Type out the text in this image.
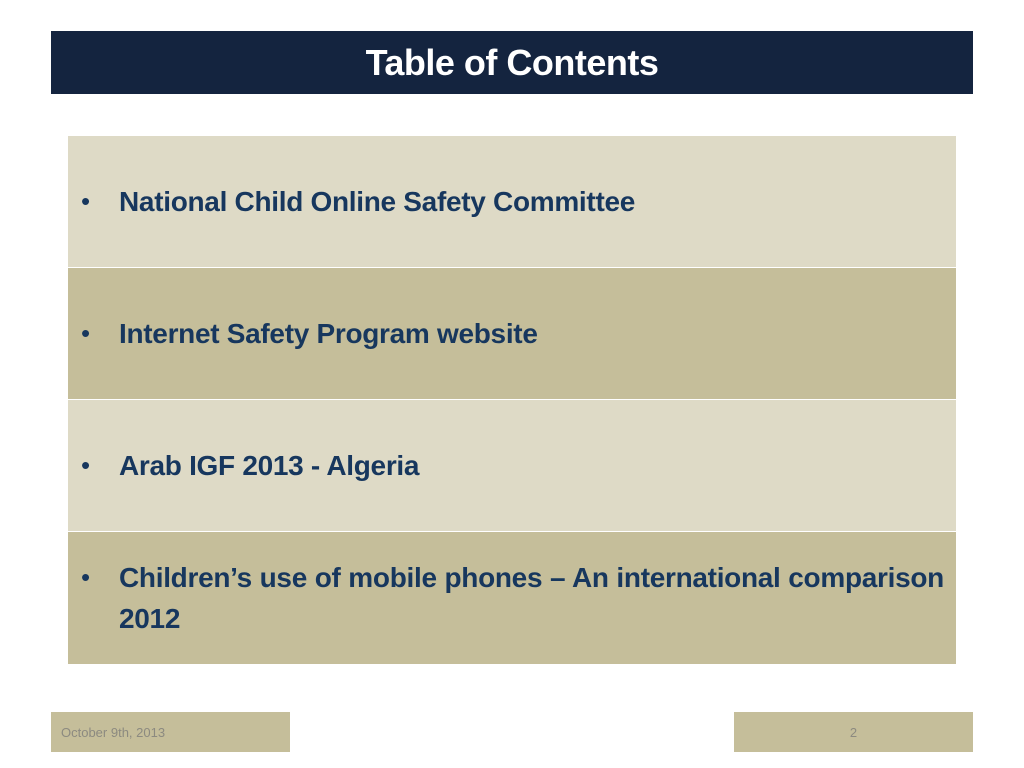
Table of Contents
•	National Child Online Safety Committee
•	Internet Safety Program website
•	Arab IGF 2013 - Algeria
•	Children’s use of mobile phones – An international comparison 2012
October 9th, 2013	2
